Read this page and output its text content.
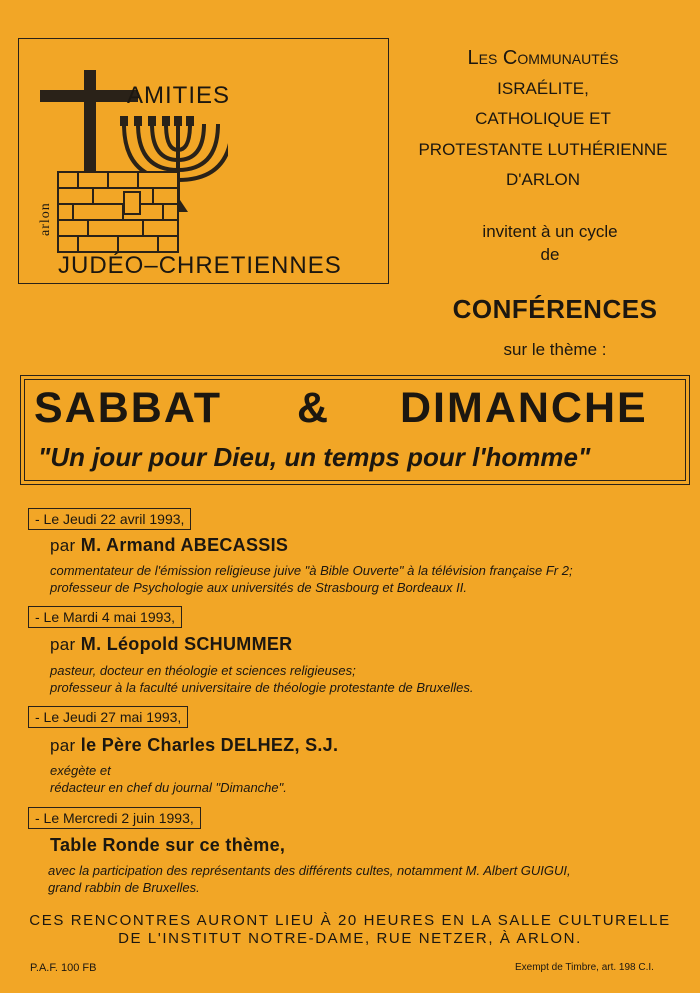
AMITIES
arlon
JUDÉO–CHRETIENNES
Les Communautés
ISRAÉLITE,
CATHOLIQUE ET
PROTESTANTE LUTHÉRIENNE
D'ARLON
invitent à un cycle
de
CONFÉRENCES
sur le thème :
SABBAT & DIMANCHE
"Un jour pour Dieu, un temps pour l'homme"
- Le Jeudi 22 avril 1993,
par M. Armand ABECASSIS
commentateur de l'émission religieuse juive "à Bible Ouverte" à la télévision française Fr 2;
professeur de Psychologie aux universités de Strasbourg et Bordeaux II.
- Le Mardi 4 mai 1993,
par M. Léopold SCHUMMER
pasteur, docteur en théologie et sciences religieuses;
professeur à la faculté universitaire de théologie protestante de Bruxelles.
- Le Jeudi 27 mai 1993,
par le Père Charles DELHEZ, S.J.
exégète et
rédacteur en chef du journal "Dimanche".
- Le Mercredi 2 juin 1993,
Table Ronde sur ce thème,
avec la participation des représentants des différents cultes, notamment M. Albert GUIGUI,
grand rabbin de Bruxelles.
CES RENCONTRES AURONT LIEU À 20 HEURES EN LA SALLE CULTURELLE
DE L'INSTITUT NOTRE-DAME, RUE NETZER, À ARLON.
P.A.F. 100 FB	Exempt de Timbre, art. 198 C.I.
